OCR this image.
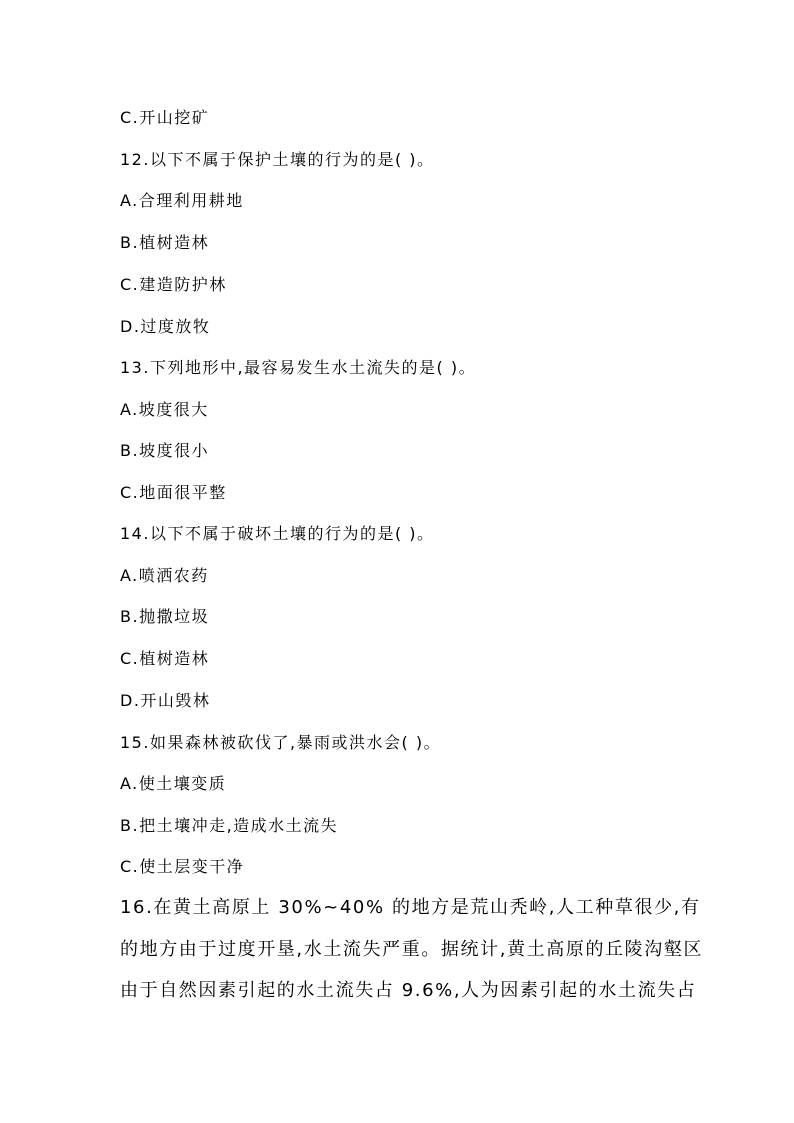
C.开山挖矿
12.以下不属于保护土壤的行为的是( )。
A.合理利用耕地
B.植树造林
C.建造防护林
D.过度放牧
13.下列地形中,最容易发生水土流失的是( )。
A.坡度很大
B.坡度很小
C.地面很平整
14.以下不属于破坏土壤的行为的是( )。
A.喷洒农药
B.抛撒垃圾
C.植树造林
D.开山毁林
15.如果森林被砍伐了,暴雨或洪水会( )。
A.使土壤变质
B.把土壤冲走,造成水土流失
C.使土层变干净
16.在黄土高原上 30%~40% 的地方是荒山秃岭,人工种草很少,有
的地方由于过度开垦,水土流失严重。据统计,黄土高原的丘陵沟壑区
由于自然因素引起的水土流失占 9.6%,人为因素引起的水土流失占
